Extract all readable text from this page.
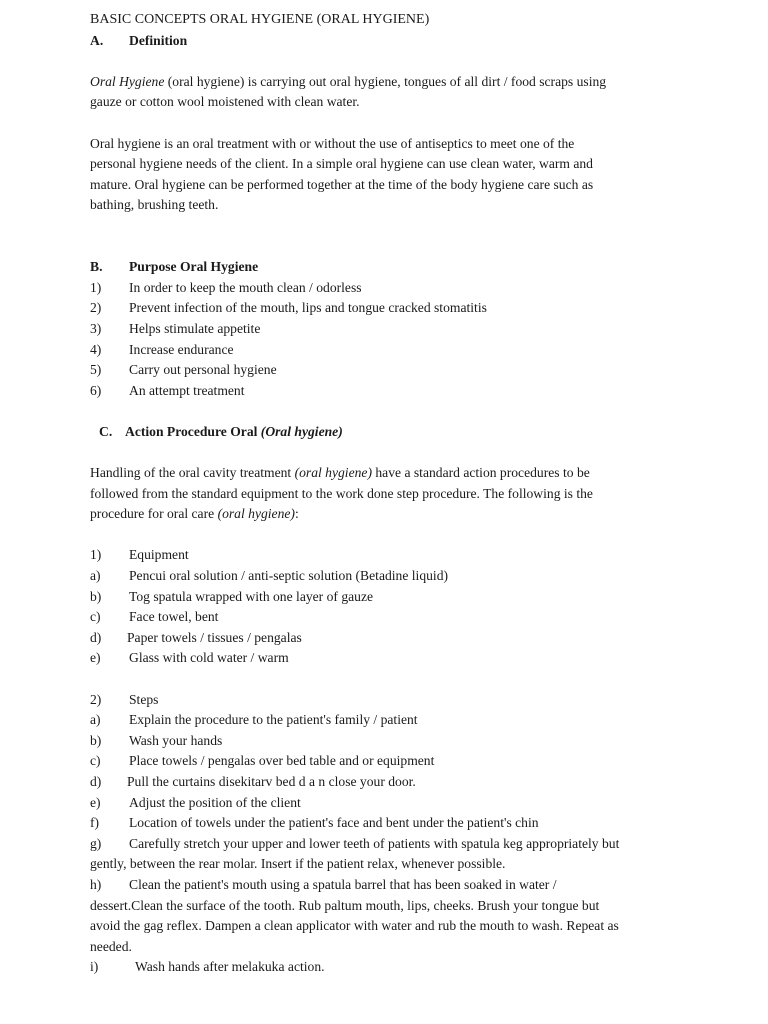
BASIC CONCEPTS ORAL HYGIENE (ORAL HYGIENE)
A. Definition
Oral Hygiene (oral hygiene) is carrying out oral hygiene, tongues of all dirt / food scraps using
gauze or cotton wool moistened with clean water.
Oral hygiene is an oral treatment with or without the use of antiseptics to meet one of the
personal hygiene needs of the client. In a simple oral hygiene can use clean water, warm and
mature. Oral hygiene can be performed together at the time of the body hygiene care such as
bathing, brushing teeth.
B. Purpose Oral Hygiene
1) In order to keep the mouth clean / odorless
2) Prevent infection of the mouth, lips and tongue cracked stomatitis
3) Helps stimulate appetite
4) Increase endurance
5) Carry out personal hygiene
6) An attempt treatment
C. Action Procedure Oral (Oral hygiene)
Handling of the oral cavity treatment (oral hygiene) have a standard action procedures to be
followed from the standard equipment to the work done step procedure. The following is the
procedure for oral care (oral hygiene):
1) Equipment
a) Pencui oral solution / anti-septic solution (Betadine liquid)
b) Tog spatula wrapped with one layer of gauze
c) Face towel, bent
d) Paper towels / tissues / pengalas
e) Glass with cold water / warm
2) Steps
a) Explain the procedure to the patient's family / patient
b) Wash your hands
c) Place towels / pengalas over bed table and or equipment
d) Pull the curtains disekitarv bed d a n close your door.
e) Adjust the position of the client
f) Location of towels under the patient's face and bent under the patient's chin
g) Carefully stretch your upper and lower teeth of patients with spatula keg appropriately but
gently, between the rear molar. Insert if the patient relax, whenever possible.
h) Clean the patient's mouth using a spatula barrel that has been soaked in water /
dessert.Clean the surface of the tooth. Rub paltum mouth, lips, cheeks. Brush your tongue but
avoid the gag reflex. Dampen a clean applicator with water and rub the mouth to wash. Repeat as
needed.
i)	Wash hands after melakuka action.
